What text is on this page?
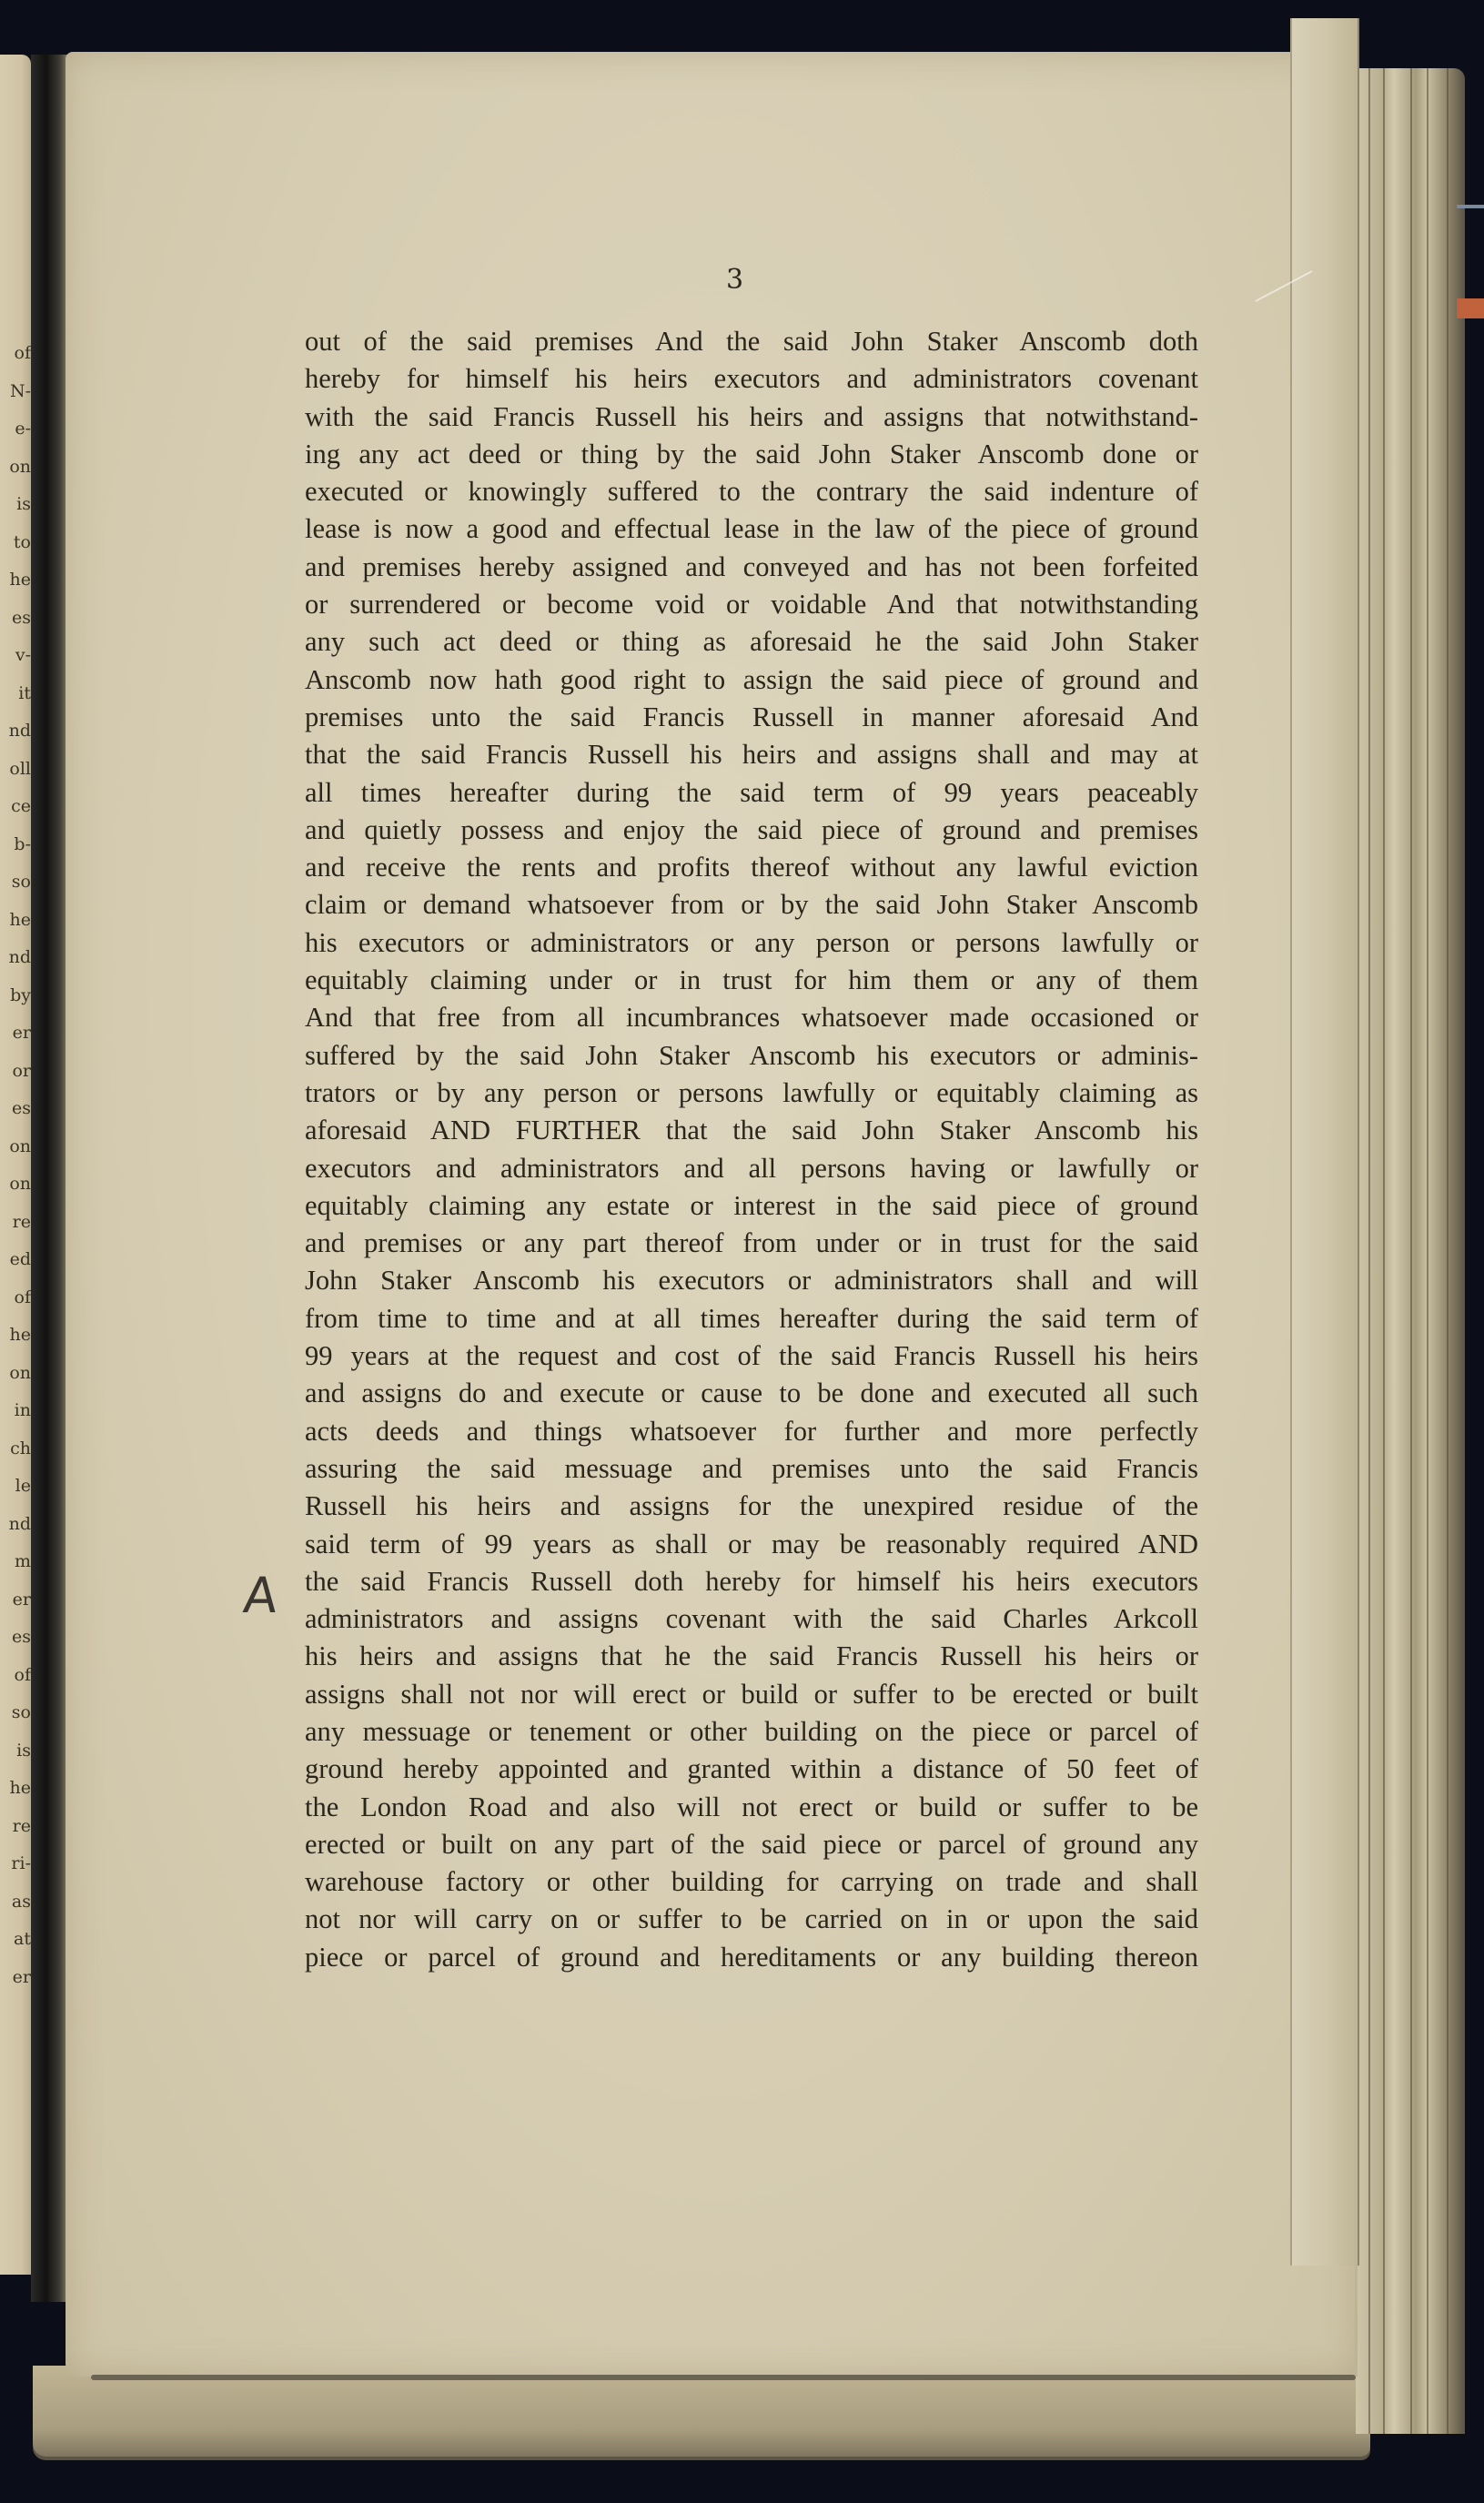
of
N-
e-
on
is
to
he
es
v-
it
nd
oll
ce
b-
so
he
nd
by
er
or
es
on
on
re
ed
of
he
on
in
ch
le
nd
m
er
es
of
so
is
he
re
ri-
as
at
er
3
out of the said premises And the said John Staker Anscomb doth
hereby for himself his heirs executors and administrators covenant
with the said Francis Russell his heirs and assigns that notwithstand-
ing any act deed or thing by the said John Staker Anscomb done or
executed or knowingly suffered to the contrary the said indenture of
lease is now a good and effectual lease in the law of the piece of ground
and premises hereby assigned and conveyed and has not been forfeited
or surrendered or become void or voidable And that notwithstanding
any such act deed or thing as aforesaid he the said John Staker
Anscomb now hath good right to assign the said piece of ground and
premises unto the said Francis Russell in manner aforesaid And
that the said Francis Russell his heirs and assigns shall and may at
all times hereafter during the said term of 99 years peaceably
and quietly possess and enjoy the said piece of ground and premises
and receive the rents and profits thereof without any lawful eviction
claim or demand whatsoever from or by the said John Staker Anscomb
his executors or administrators or any person or persons lawfully or
equitably claiming under or in trust for him them or any of them
And that free from all incumbrances whatsoever made occasioned or
suffered by the said John Staker Anscomb his executors or adminis-
trators or by any person or persons lawfully or equitably claiming as
aforesaid AND FURTHER that the said John Staker Anscomb his
executors and administrators and all persons having or lawfully or
equitably claiming any estate or interest in the said piece of ground
and premises or any part thereof from under or in trust for the said
John Staker Anscomb his executors or administrators shall and will
from time to time and at all times hereafter during the said term of
99 years at the request and cost of the said Francis Russell his heirs
and assigns do and execute or cause to be done and executed all such
acts deeds and things whatsoever for further and more perfectly
assuring the said messuage and premises unto the said Francis
Russell his heirs and assigns for the unexpired residue of the
said term of 99 years as shall or may be reasonably required AND
the said Francis Russell doth hereby for himself his heirs executors
administrators and assigns covenant with the said Charles Arkcoll
his heirs and assigns that he the said Francis Russell his heirs or
assigns shall not nor will erect or build or suffer to be erected or built
any messuage or tenement or other building on the piece or parcel of
ground hereby appointed and granted within a distance of 50 feet of
the London Road and also will not erect or build or suffer to be
erected or built on any part of the said piece or parcel of ground any
warehouse factory or other building for carrying on trade and shall
not nor will carry on or suffer to be carried on in or upon the said
piece or parcel of ground and hereditaments or any building thereon
A
